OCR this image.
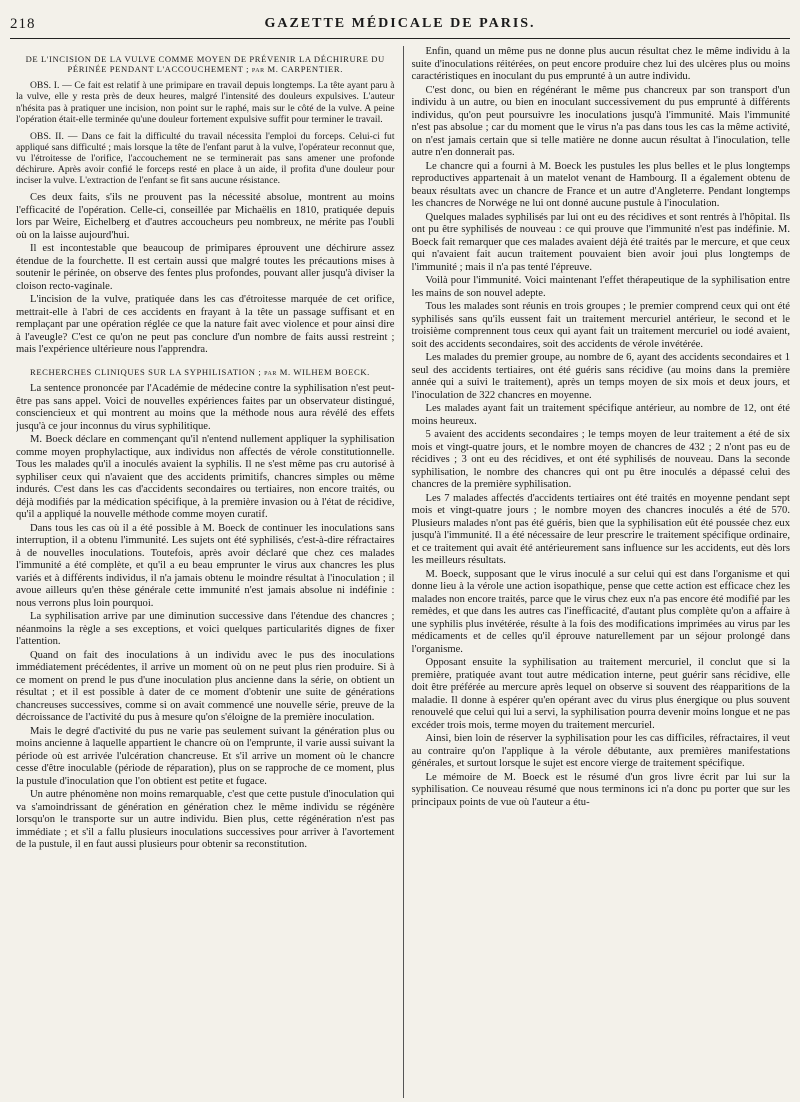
218	GAZETTE MÉDICALE DE PARIS.
DE L'INCISION DE LA VULVE COMME MOYEN DE PRÉVENIR LA DÉCHIRURE DU PÉRINÉE PENDANT L'ACCOUCHEMENT ; par M. CARPENTIER.

OBS. I. — Ce fait est relatif à une primipare en travail depuis longtemps. La tête ayant paru à la vulve, elle y resta près de deux heures, malgré l'intensité des douleurs expulsives. L'auteur n'hésita pas à pratiquer une incision, non point sur le raphé, mais sur le côté de la vulve. A peine l'opération était-elle terminée qu'une douleur fortement expulsive suffit pour terminer le travail.

OBS. II. — Dans ce fait la difficulté du travail nécessita l'emploi du forceps. Celui-ci fut appliqué sans difficulté ; mais lorsque la tête de l'enfant parut à la vulve, l'opérateur reconnut que, vu l'étroitesse de l'orifice, l'accouchement ne se terminerait pas sans amener une profonde déchirure. Après avoir confié le forceps resté en place à un aide, il profita d'une douleur pour inciser la vulve. L'extraction de l'enfant se fit sans aucune résistance.

Ces deux faits, s'ils ne prouvent pas la nécessité absolue, montrent au moins l'efficacité de l'opération. Celle-ci, conseillée par Michaëlis en 1810, pratiquée depuis lors par Weire, Eichelberg et d'autres accoucheurs peu nombreux, ne mérite pas l'oubli où on la laisse aujourd'hui.

Il est incontestable que beaucoup de primipares éprouvent une déchirure assez étendue de la fourchette. Il est certain aussi que malgré toutes les précautions mises à soutenir le périnée, on observe des fentes plus profondes, pouvant aller jusqu'à diviser la cloison recto-vaginale.

L'incision de la vulve, pratiquée dans les cas d'étroitesse marquée de cet orifice, mettrait-elle à l'abri de ces accidents en frayant à la tête un passage suffisant et en remplaçant par une opération réglée ce que la nature fait avec violence et pour ainsi dire à l'aveugle? C'est ce qu'on ne peut pas conclure d'un nombre de faits aussi restreint ; mais l'expérience ultérieure nous l'apprendra.

RECHERCHES CLINIQUES SUR LA SYPHILISATION ; par M. WILHEM BOECK.

La sentence prononcée par l'Académie de médecine contre la syphilisation n'est peut-être pas sans appel. Voici de nouvelles expériences faites par un observateur distingué, consciencieux et qui montrent au moins que la méthode nous aura révélé des effets jusqu'à ce jour inconnus du virus syphilitique.

M. Boeck déclare en commençant qu'il n'entend nullement appliquer la syphilisation comme moyen prophylactique, aux individus non affectés de vérole constitutionnelle. Tous les malades qu'il a inoculés avaient la syphilis. Il ne s'est même pas cru autorisé à syphiliser ceux qui n'avaient que des accidents primitifs, chancres simples ou même indurés. C'est dans les cas d'accidents secondaires ou tertiaires, non encore traités, ou déjà modifiés par la médication spécifique, à la première invasion ou à l'état de récidive, qu'il a appliqué la nouvelle méthode comme moyen curatif.

Dans tous les cas où il a été possible à M. Boeck de continuer les inoculations sans interruption, il a obtenu l'immunité. Les sujets ont été syphilisés, c'est-à-dire réfractaires à de nouvelles inoculations. Toutefois, après avoir déclaré que chez ces malades l'immunité a été complète, et qu'il a eu beau emprunter le virus aux chancres les plus variés et à différents individus, il n'a jamais obtenu le moindre résultat à l'inoculation ; il avoue ailleurs qu'en thèse générale cette immunité n'est jamais absolue ni indéfinie : nous verrons plus loin pourquoi.

La syphilisation arrive par une diminution successive dans l'étendue des chancres ; néanmoins la règle a ses exceptions, et voici quelques particularités dignes de fixer l'attention.

Quand on fait des inoculations à un individu avec le pus des inoculations immédiatement précédentes, il arrive un moment où on ne peut plus rien produire. Si à ce moment on prend le pus d'une inoculation plus ancienne dans la série, on obtient un résultat ; et il est possible à dater de ce moment d'obtenir une suite de générations chancreuses successives, comme si on avait commencé une nouvelle série, preuve de la décroissance de l'activité du pus à mesure qu'on s'éloigne de la première inoculation.

Mais le degré d'activité du pus ne varie pas seulement suivant la génération plus ou moins ancienne à laquelle appartient le chancre où on l'emprunte, il varie aussi suivant la période où est arrivée l'ulcération chancreuse. Et s'il arrive un moment où le chancre cesse d'être inoculable (période de réparation), plus on se rapproche de ce moment, plus la pustule d'inoculation que l'on obtient est petite et fugace.

Un autre phénomène non moins remarquable, c'est que cette pustule d'inoculation qui va s'amoindrissant de génération en génération chez le même individu se régénère lorsqu'on le transporte sur un autre individu. Bien plus, cette régénération n'est pas immédiate ; et s'il a fallu plusieurs inoculations successives pour arriver à l'avortement de la pustule, il en faut aussi plusieurs pour obtenir sa reconstitution.

Enfin, quand un même pus ne donne plus aucun résultat chez le même individu à la suite d'inoculations réitérées, on peut encore produire chez lui des ulcères plus ou moins caractéristiques en inoculant du pus emprunté à un autre individu.

C'est donc, ou bien en régénérant le même pus chancreux par son transport d'un individu à un autre, ou bien en inoculant successivement du pus emprunté à différents individus, qu'on peut poursuivre les inoculations jusqu'à l'immunité. Mais l'immunité n'est pas absolue ; car du moment que le virus n'a pas dans tous les cas la même activité, on n'est jamais certain que si telle matière ne donne aucun résultat à l'inoculation, telle autre n'en donnerait pas.

Le chancre qui a fourni à M. Boeck les pustules les plus belles et le plus longtemps reproductives appartenait à un matelot venant de Hambourg. Il a également obtenu de beaux résultats avec un chancre de France et un autre d'Angleterre. Pendant longtemps les chancres de Norwége ne lui ont donné aucune pustule à l'inoculation.

Quelques malades syphilisés par lui ont eu des récidives et sont rentrés à l'hôpital. Ils ont pu être syphilisés de nouveau : ce qui prouve que l'immunité n'est pas indéfinie. M. Boeck fait remarquer que ces malades avaient déjà été traités par le mercure, et que ceux qui n'avaient fait aucun traitement pouvaient bien avoir joui plus longtemps de l'immunité ; mais il n'a pas tenté l'épreuve.

Voilà pour l'immunité. Voici maintenant l'effet thérapeutique de la syphilisation entre les mains de son nouvel adepte.

Tous les malades sont réunis en trois groupes ; le premier comprend ceux qui ont été syphilisés sans qu'ils eussent fait un traitement mercuriel antérieur, le second et le troisième comprennent tous ceux qui ayant fait un traitement mercuriel ou iodé avaient, soit des accidents secondaires, soit des accidents de vérole invétérée.

Les malades du premier groupe, au nombre de 6, ayant des accidents secondaires et 1 seul des accidents tertiaires, ont été guéris sans récidive (au moins dans la première année qui a suivi le traitement), après un temps moyen de six mois et deux jours, et l'inoculation de 322 chancres en moyenne.

Les malades ayant fait un traitement spécifique antérieur, au nombre de 12, ont été moins heureux.

5 avaient des accidents secondaires ; le temps moyen de leur traitement a été de six mois et vingt-quatre jours, et le nombre moyen de chancres de 432 ; 2 n'ont pas eu de récidives ; 3 ont eu des récidives, et ont été syphilisés de nouveau. Dans la seconde syphilisation, le nombre des chancres qui ont pu être inoculés a dépassé celui des chancres de la première syphilisation.

Les 7 malades affectés d'accidents tertiaires ont été traités en moyenne pendant sept mois et vingt-quatre jours ; le nombre moyen des chancres inoculés a été de 570. Plusieurs malades n'ont pas été guéris, bien que la syphilisation eût été poussée chez eux jusqu'à l'immunité. Il a été nécessaire de leur prescrire le traitement spécifique ordinaire, et ce traitement qui avait été antérieurement sans influence sur les accidents, eut dès lors les meilleurs résultats.

M. Boeck, supposant que le virus inoculé a sur celui qui est dans l'organisme et qui donne lieu à la vérole une action isopathique, pense que cette action est efficace chez les malades non encore traités, parce que le virus chez eux n'a pas encore été modifié par les remèdes, et que dans les autres cas l'inefficacité, d'autant plus complète qu'on a affaire à une syphilis plus invétérée, résulte à la fois des modifications imprimées au virus par les médicaments et de celles qu'il éprouve naturellement par un séjour prolongé dans l'organisme.

Opposant ensuite la syphilisation au traitement mercuriel, il conclut que si la première, pratiquée avant tout autre médication interne, peut guérir sans récidive, elle doit être préférée au mercure après lequel on observe si souvent des réapparitions de la maladie. Il donne à espérer qu'en opérant avec du virus plus énergique ou plus souvent renouvelé que celui qui lui a servi, la syphilisation pourra devenir moins longue et ne pas excéder trois mois, terme moyen du traitement mercuriel.

Ainsi, bien loin de réserver la syphilisation pour les cas difficiles, réfractaires, il veut au contraire qu'on l'applique à la vérole débutante, aux premières manifestations générales, et surtout lorsque le sujet est encore vierge de traitement spécifique.

Le mémoire de M. Boeck est le résumé d'un gros livre écrit par lui sur la syphilisation. Ce nouveau résumé que nous terminons ici n'a donc pu porter que sur les principaux points de vue où l'auteur a étu-
